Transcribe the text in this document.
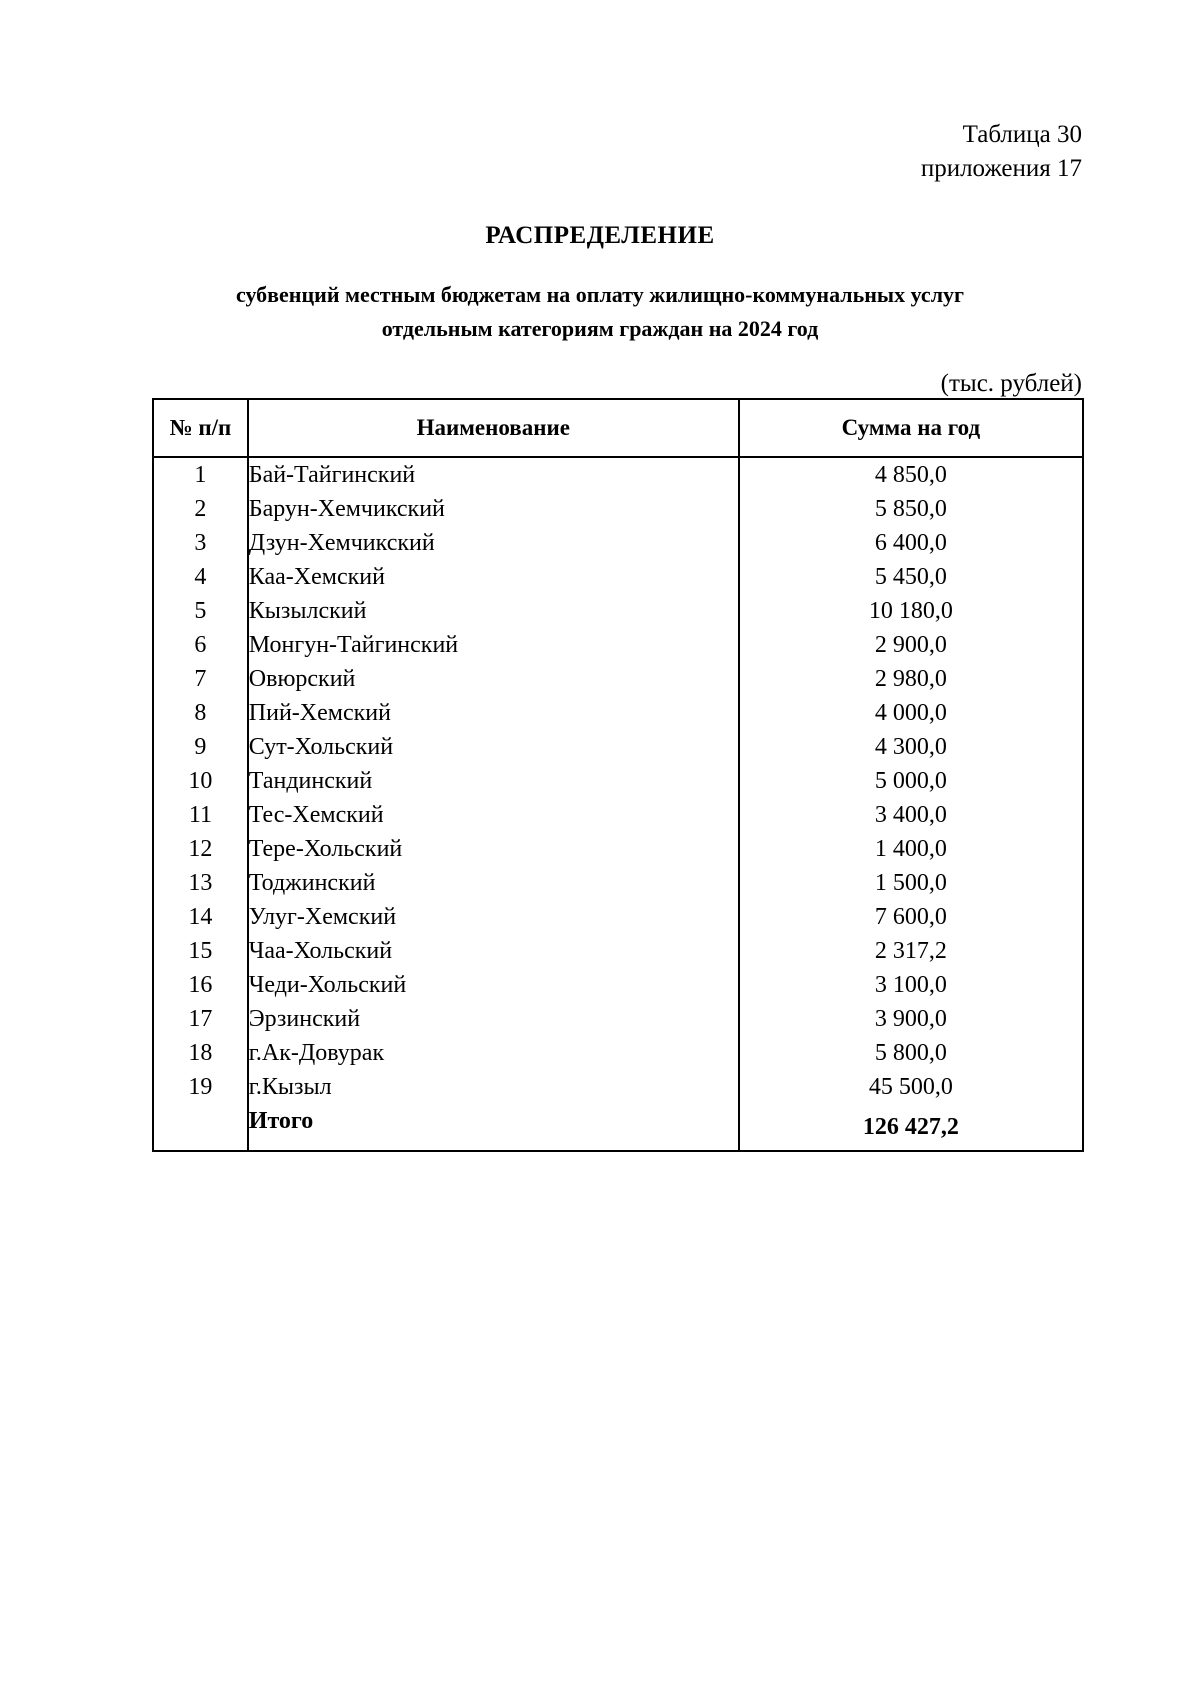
Таблица 30
приложения 17
РАСПРЕДЕЛЕНИЕ
субвенций местным бюджетам на оплату жилищно-коммунальных услуг
отдельным категориям граждан на 2024 год
(тыс. рублей)
№ п/п	Наименование	Сумма на год
1	Бай-Тайгинский	4 850,0
2	Барун-Хемчикский	5 850,0
3	Дзун-Хемчикский	6 400,0
4	Каа-Хемский	5 450,0
5	Кызылский	10 180,0
6	Монгун-Тайгинский	2 900,0
7	Овюрский	2 980,0
8	Пий-Хемский	4 000,0
9	Сут-Хольский	4 300,0
10	Тандинский	5 000,0
11	Тес-Хемский	3 400,0
12	Тере-Хольский	1 400,0
13	Тоджинский	1 500,0
14	Улуг-Хемский	7 600,0
15	Чаа-Хольский	2 317,2
16	Чеди-Хольский	3 100,0
17	Эрзинский	3 900,0
18	г.Ак-Довурак	5 800,0
19	г.Кызыл	45 500,0
	Итого	126 427,2
